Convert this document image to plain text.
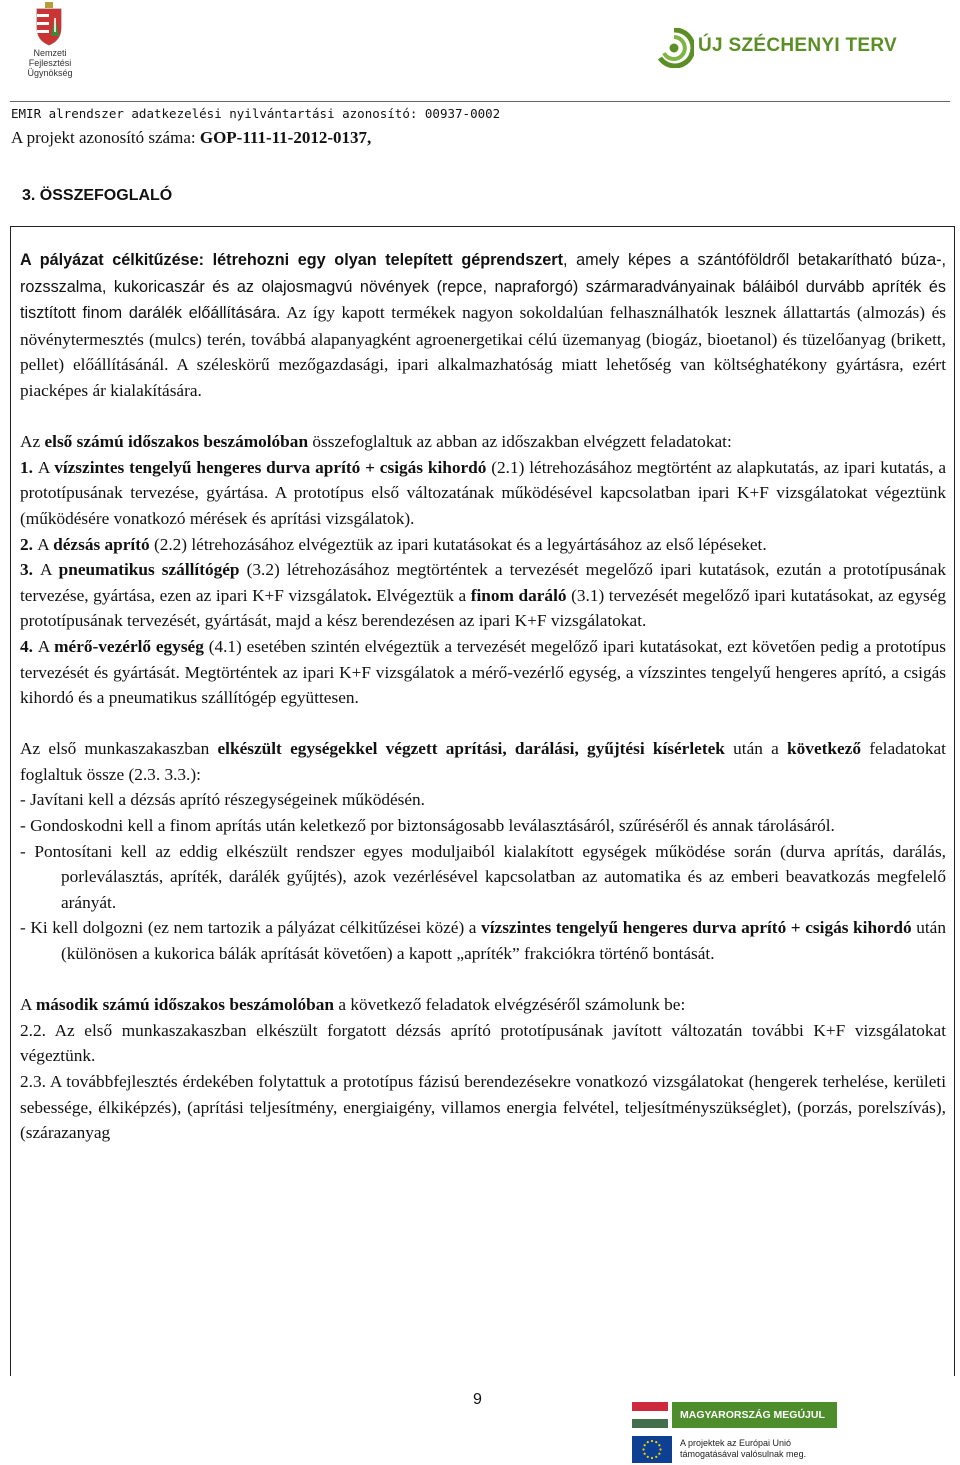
Nemzeti
Fejlesztési Ügynökség
ÚJ SZÉCHENYI TERV
EMIR alrendszer adatkezelési nyilvántartási azonosító: 00937-0002
A projekt azonosító száma: GOP-111-11-2012-0137,
3. ÖSSZEFOGLALÓ

A pályázat célkitűzése: létrehozni egy olyan telepített géprendszert, amely képes a szántóföldről betakarítható búza-, rozsszalma, kukoricaszár és az olajosmagvú növények (repce, napraforgó) szármaradványainak báláiból durvább apríték és tisztított finom darálék előállítására. Az így kapott termékek nagyon sokoldalúan felhasználhatók lesznek állattartás (almozás) és növénytermesztés (mulcs) terén, továbbá alapanyagként agroenergetikai célú üzemanyag (biogáz, bioetanol) és tüzelőanyag (brikett, pellet) előállításánál. A széleskörű mezőgazdasági, ipari alkalmazhatóság miatt lehetőség van költséghatékony gyártásra, ezért piacképes ár kialakítására.

Az első számú időszakos beszámolóban összefoglaltuk az abban az időszakban elvégzett feladatokat:

1. A vízszintes tengelyű hengeres durva aprító + csigás kihordó (2.1) létrehozásához megtörtént az alapkutatás, az ipari kutatás, a prototípusának tervezése, gyártása. A prototípus első változatának működésével kapcsolatban ipari K+F vizsgálatokat végeztünk (működésére vonatkozó mérések és aprítási vizsgálatok).

2. A dézsás aprító (2.2) létrehozásához elvégeztük az ipari kutatásokat és a legyártásához az első lépéseket.

3. A pneumatikus szállítógép (3.2) létrehozásához megtörténtek a tervezését megelőző ipari kutatások, ezután a prototípusának tervezése, gyártása, ezen az ipari K+F vizsgálatok. Elvégeztük a finom daráló (3.1) tervezését megelőző ipari kutatásokat, az egység prototípusának tervezését, gyártását, majd a kész berendezésen az ipari K+F vizsgálatokat.

4. A mérő-vezérlő egység (4.1) esetében szintén elvégeztük a tervezését megelőző ipari kutatásokat, ezt követően pedig a prototípus tervezését és gyártását. Megtörténtek az ipari K+F vizsgálatok a mérő-vezérlő egység, a vízszintes tengelyű hengeres aprító, a csigás kihordó és a pneumatikus szállítógép együttesen.

Az első munkaszakaszban elkészült egységekkel végzett aprítási, darálási, gyűjtési kísérletek után a következő feladatokat foglaltuk össze (2.3. 3.3.):

- Javítani kell a dézsás aprító részegységeinek működésén.

- Gondoskodni kell a finom aprítás után keletkező por biztonságosabb leválasztásáról, szűréséről és annak tárolásáról.

- Pontosítani kell az eddig elkészült rendszer egyes moduljaiból kialakított egységek működése során (durva aprítás, darálás, porleválasztás, apríték, darálék gyűjtés), azok vezérlésével kapcsolatban az automatika és az emberi beavatkozás megfelelő arányát.

- Ki kell dolgozni (ez nem tartozik a pályázat célkitűzései közé) a vízszintes tengelyű hengeres durva aprító + csigás kihordó után (különösen a kukorica bálák aprítását követően) a kapott „apríték” frakciókra történő bontását.

A második számú időszakos beszámolóban a következő feladatok elvégzéséről számolunk be:

2.2. Az első munkaszakaszban elkészült forgatott dézsás aprító prototípusának javított változatán további K+F vizsgálatokat végeztünk.

2.3. A továbbfejlesztés érdekében folytattuk a prototípus fázisú berendezésekre vonatkozó vizsgálatokat (hengerek terhelése, kerületi sebessége, élkiképzés), (aprítási teljesítmény, energiaigény, villamos energia felvétel, teljesítményszükséglet), (porzás, porelszívás), (szárazanyag

9
MAGYARORSZÁG MEGÚJUL
A projektek az Európai Unió
támogatásával valósulnak meg.
